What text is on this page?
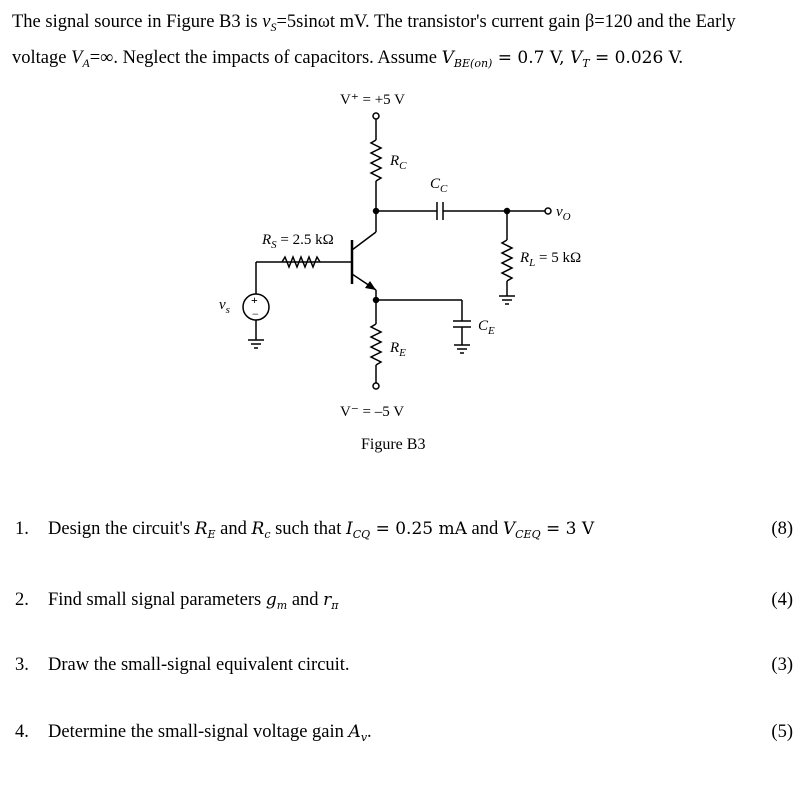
The signal source in Figure B3 is $v_S=5\sin\omega t$ mV. The transistor's current gain β=120 and the Early
voltage $V_A=\infty$. Neglect the impacts of capacitors. Assume $V_{BE(on)} = 0.7$ V, $V_T = 0.026$ V.
V⁺ = +5 V
$R_C$
$C_C$
$v_O$
$R_L = 5$ kΩ
$R_S = 2.5$ kΩ
+
−
$v_s$
$C_E$
$R_E$
V⁻ = –5 V
Figure B3
1. Design the circuit's $R_E$ and $R_c$ such that $I_{CQ} = 0.25$ mA and $V_{CEQ} = 3$ V	(8)
2. Find small signal parameters $g_m$ and $r_\pi$	(4)
3. Draw the small-signal equivalent circuit.	(3)
4. Determine the small-signal voltage gain $A_v$.	(5)
